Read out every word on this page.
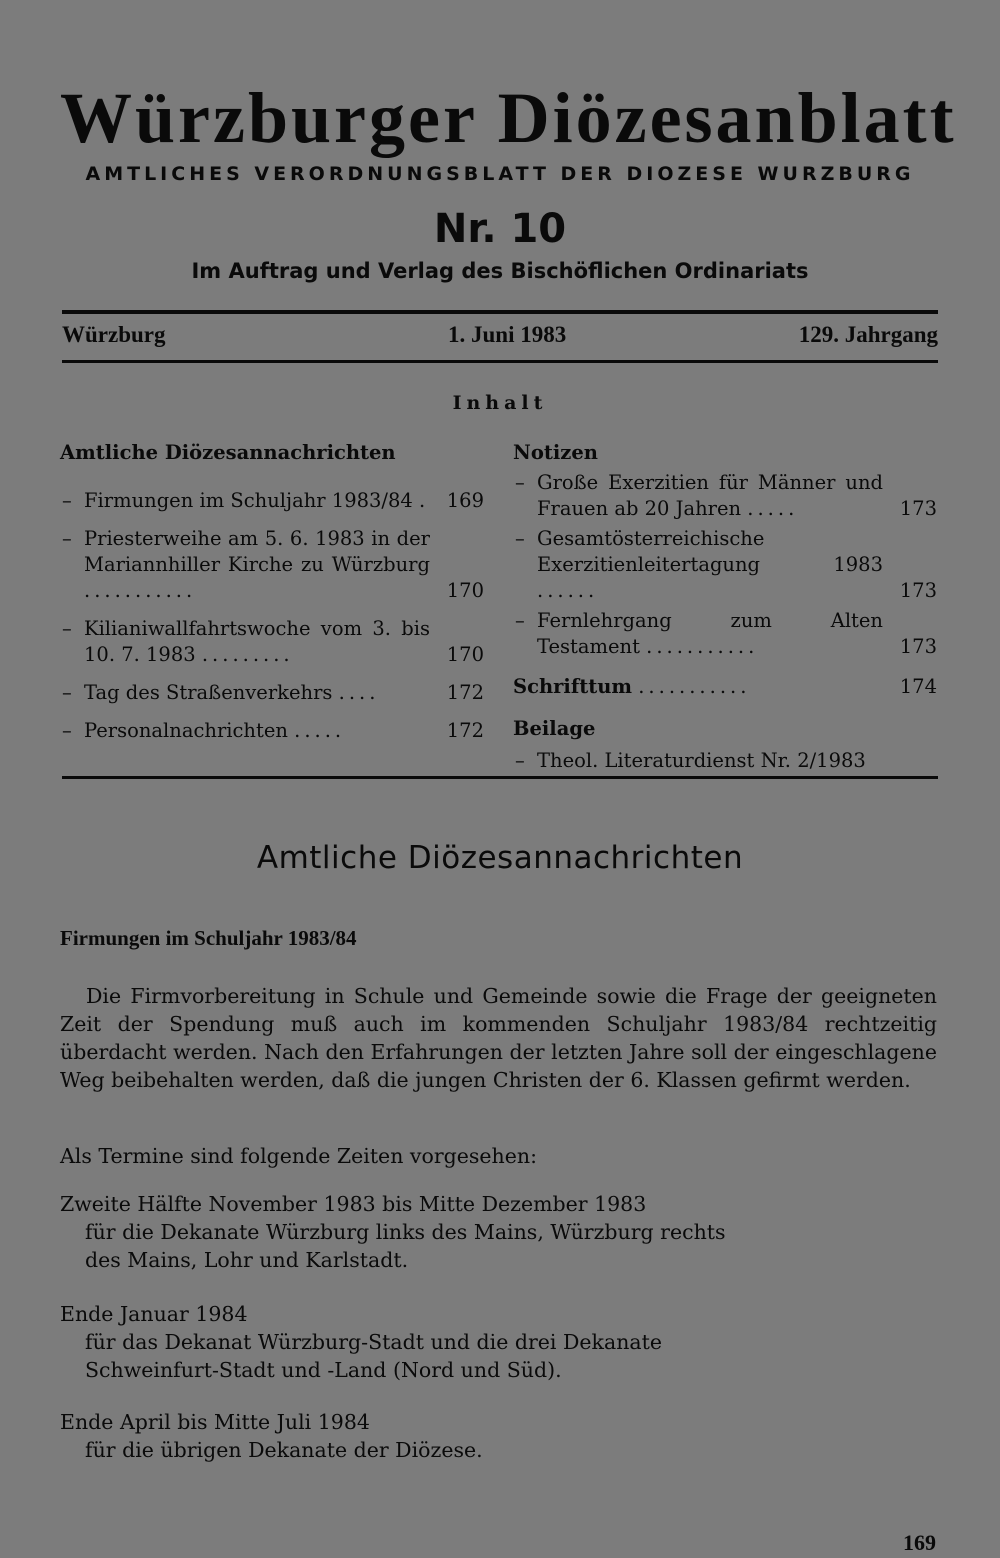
Würzburger Diözesanblatt
AMTLICHES VERORDNUNGSBLATT DER DIOZESE WURZBURG
Nr. 10
Im Auftrag und Verlag des Bischöflichen Ordinariats
Würzburg	1. Juni 1983	129. Jahrgang
Inhalt
Amtliche Diözesannachrichten
– Firmungen im Schuljahr 1983/84 . 169
– Priesterweihe am 5. 6. 1983 in der Mariannhiller Kirche zu Würzburg ...........	170
– Kilianiwallfahrtswoche vom 3. bis 10. 7. 1983 .........	170
– Tag des Straßenverkehrs ....	172
– Personalnachrichten .....	172
Notizen
– Große Exerzitien für Männer und Frauen ab 20 Jahren .....	173
– Gesamtösterreichische Exerzitienleitertagung 1983 ......	173
– Fernlehrgang zum Alten Testament ...........	173
Schrifttum ...........	174
Beilage
– Theol. Literaturdienst Nr. 2/1983
Amtliche Diözesannachrichten
Firmungen im Schuljahr 1983/84
Die Firmvorbereitung in Schule und Gemeinde sowie die Frage der geeigneten Zeit der Spendung muß auch im kommenden Schuljahr 1983/84 rechtzeitig überdacht werden. Nach den Erfahrungen der letzten Jahre soll der eingeschlagene Weg beibehalten werden, daß die jungen Christen der 6. Klassen gefirmt werden.
Als Termine sind folgende Zeiten vorgesehen:
Zweite Hälfte November 1983 bis Mitte Dezember 1983
für die Dekanate Würzburg links des Mains, Würzburg rechts des Mains, Lohr und Karlstadt.
Ende Januar 1984
für das Dekanat Würzburg-Stadt und die drei Dekanate Schweinfurt-Stadt und -Land (Nord und Süd).
Ende April bis Mitte Juli 1984
für die übrigen Dekanate der Diözese.
169
